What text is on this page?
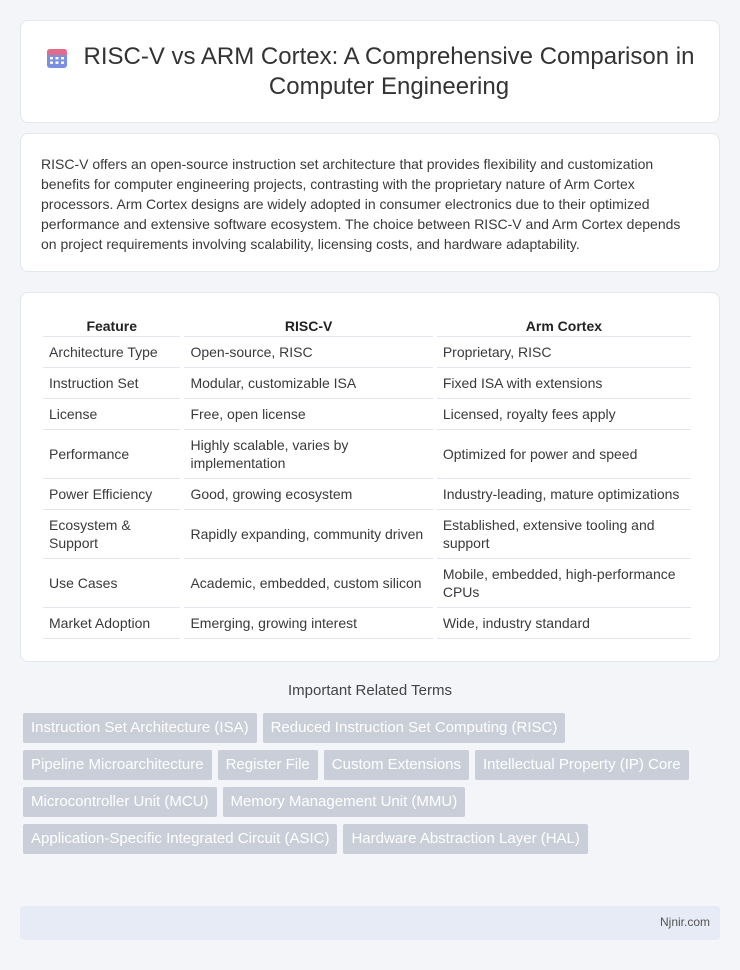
RISC-V vs ARM Cortex: A Comprehensive Comparison in Computer Engineering

RISC-V offers an open-source instruction set architecture that provides flexibility and customization benefits for computer engineering projects, contrasting with the proprietary nature of Arm Cortex processors. Arm Cortex designs are widely adopted in consumer electronics due to their optimized performance and extensive software ecosystem. The choice between RISC-V and Arm Cortex depends on project requirements involving scalability, licensing costs, and hardware adaptability.

Feature	RISC-V	Arm Cortex
Architecture Type	Open-source, RISC	Proprietary, RISC
Instruction Set	Modular, customizable ISA	Fixed ISA with extensions
License	Free, open license	Licensed, royalty fees apply
Performance	Highly scalable, varies by implementation	Optimized for power and speed
Power Efficiency	Good, growing ecosystem	Industry-leading, mature optimizations
Ecosystem & Support	Rapidly expanding, community driven	Established, extensive tooling and support
Use Cases	Academic, embedded, custom silicon	Mobile, embedded, high-performance CPUs
Market Adoption	Emerging, growing interest	Wide, industry standard
Important Related Terms
Instruction Set Architecture (ISA)	Reduced Instruction Set Computing (RISC)
Pipeline Microarchitecture	Register File	Custom Extensions	Intellectual Property (IP) Core
Microcontroller Unit (MCU)	Memory Management Unit (MMU)
Application-Specific Integrated Circuit (ASIC)	Hardware Abstraction Layer (HAL)
Njnir.com
